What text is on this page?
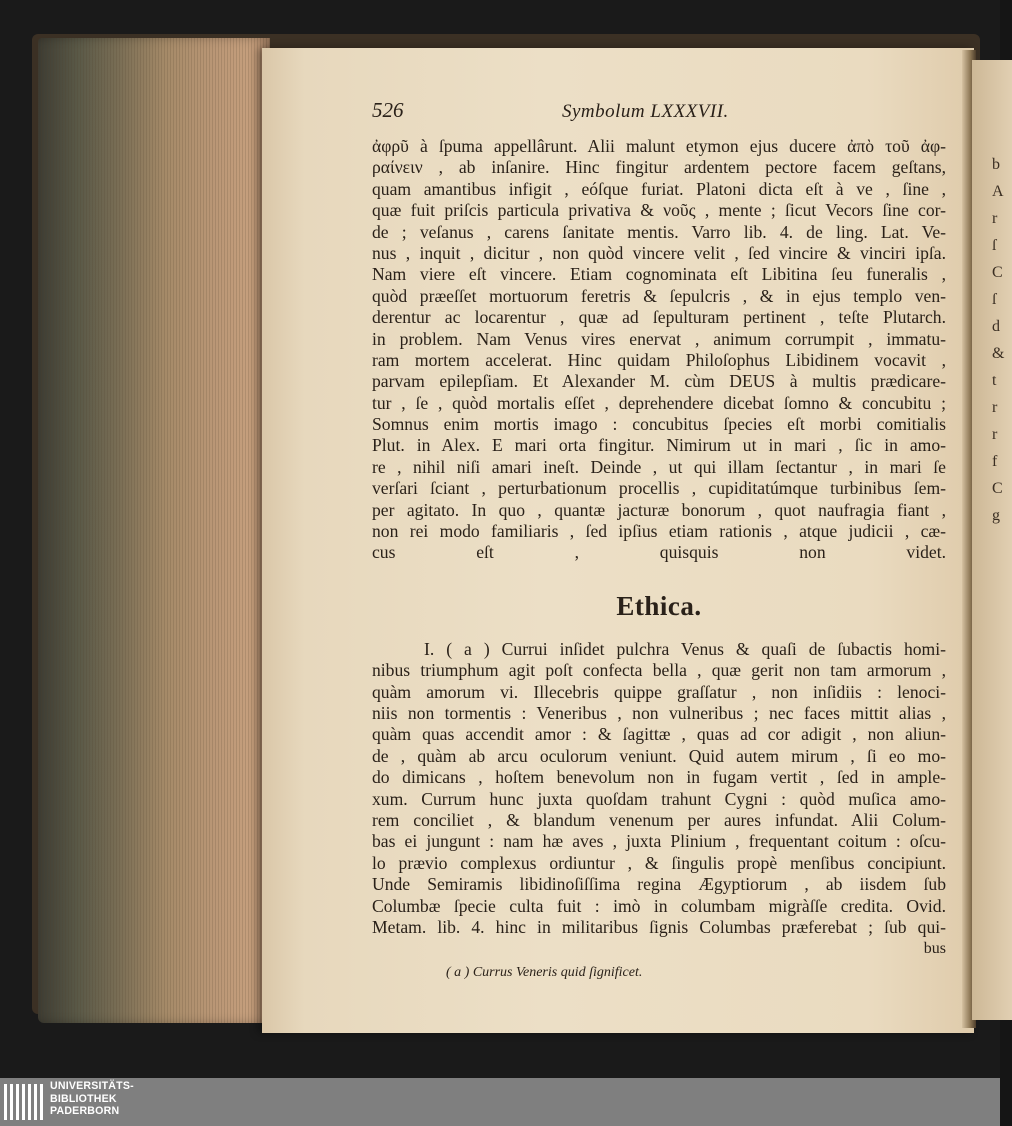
b
A
r
ſ
C
ſ
d
&
t
r
r
f
C
g
526	Symbolum LXXXVII.
ἀφρῦ à ſpuma appellârunt. Alii malunt etymon ejus ducere ἀπὸ τοῦ ἀφ-
ραίνειν , ab inſanire. Hinc fingitur ardentem pectore facem geſtans,
quam amantibus infigit , eóſque furiat. Platoni dicta eſt à ve , ſine ,
quæ fuit priſcis particula privativa & νοῦς , mente ; ſicut Vecors ſine cor-
de ; veſanus , carens ſanitate mentis. Varro lib. 4. de ling. Lat. Ve-
nus , inquit , dicitur , non quòd vincere velit , ſed vincire & vinciri ipſa.
Nam viere eſt vincere. Etiam cognominata eſt Libitina ſeu funeralis ,
quòd præeſſet mortuorum feretris & ſepulcris , & in ejus templo ven-
derentur ac locarentur , quæ ad ſepulturam pertinent , teſte Plutarch.
in problem. Nam Venus vires enervat , animum corrumpit , immatu-
ram mortem accelerat. Hinc quidam Philoſophus Libidinem vocavit ,
parvam epilepſiam. Et Alexander M. cùm DEUS à multis prædicare-
tur , ſe , quòd mortalis eſſet , deprehendere dicebat ſomno & concubitu ;
Somnus enim mortis imago : concubitus ſpecies eſt morbi comitialis
Plut. in Alex. E mari orta fingitur. Nimirum ut in mari , ſic in amo-
re , nihil niſi amari ineſt. Deinde , ut qui illam ſectantur , in mari ſe
verſari ſciant , perturbationum procellis , cupiditatúmque turbinibus ſem-
per agitato. In quo , quantæ jacturæ bonorum , quot naufragia fiant ,
non rei modo familiaris , ſed ipſius etiam rationis , atque judicii , cæ-
cus eſt , quisquis non videt.
Ethica.
I. ( a ) Currui inſidet pulchra Venus & quaſi de ſubactis homi-
nibus triumphum agit poſt confecta bella , quæ gerit non tam armorum ,
quàm amorum vi. Illecebris quippe graſſatur , non inſidiis : lenoci-
niis non tormentis : Veneribus , non vulneribus ; nec faces mittit alias ,
quàm quas accendit amor : & ſagittæ , quas ad cor adigit , non aliun-
de , quàm ab arcu oculorum veniunt. Quid autem mirum , ſi eo mo-
do dimicans , hoſtem benevolum non in fugam vertit , ſed in ample-
xum. Currum hunc juxta quoſdam trahunt Cygni : quòd muſica amo-
rem conciliet , & blandum venenum per aures infundat. Alii Colum-
bas ei jungunt : nam hæ aves , juxta Plinium , frequentant coitum : oſcu-
lo prævio complexus ordiuntur , & ſingulis propè menſibus concipiunt.
Unde Semiramis libidinoſiſſima regina Ægyptiorum , ab iisdem ſub
Columbæ ſpecie culta fuit : imò in columbam migràſſe credita. Ovid.
Metam. lib. 4. hinc in militaribus ſignis Columbas præferebat ; ſub qui-
bus
( a ) Currus Veneris quid ſignificet.
UNIVERSITÄTS-
BIBLIOTHEK
PADERBORN
